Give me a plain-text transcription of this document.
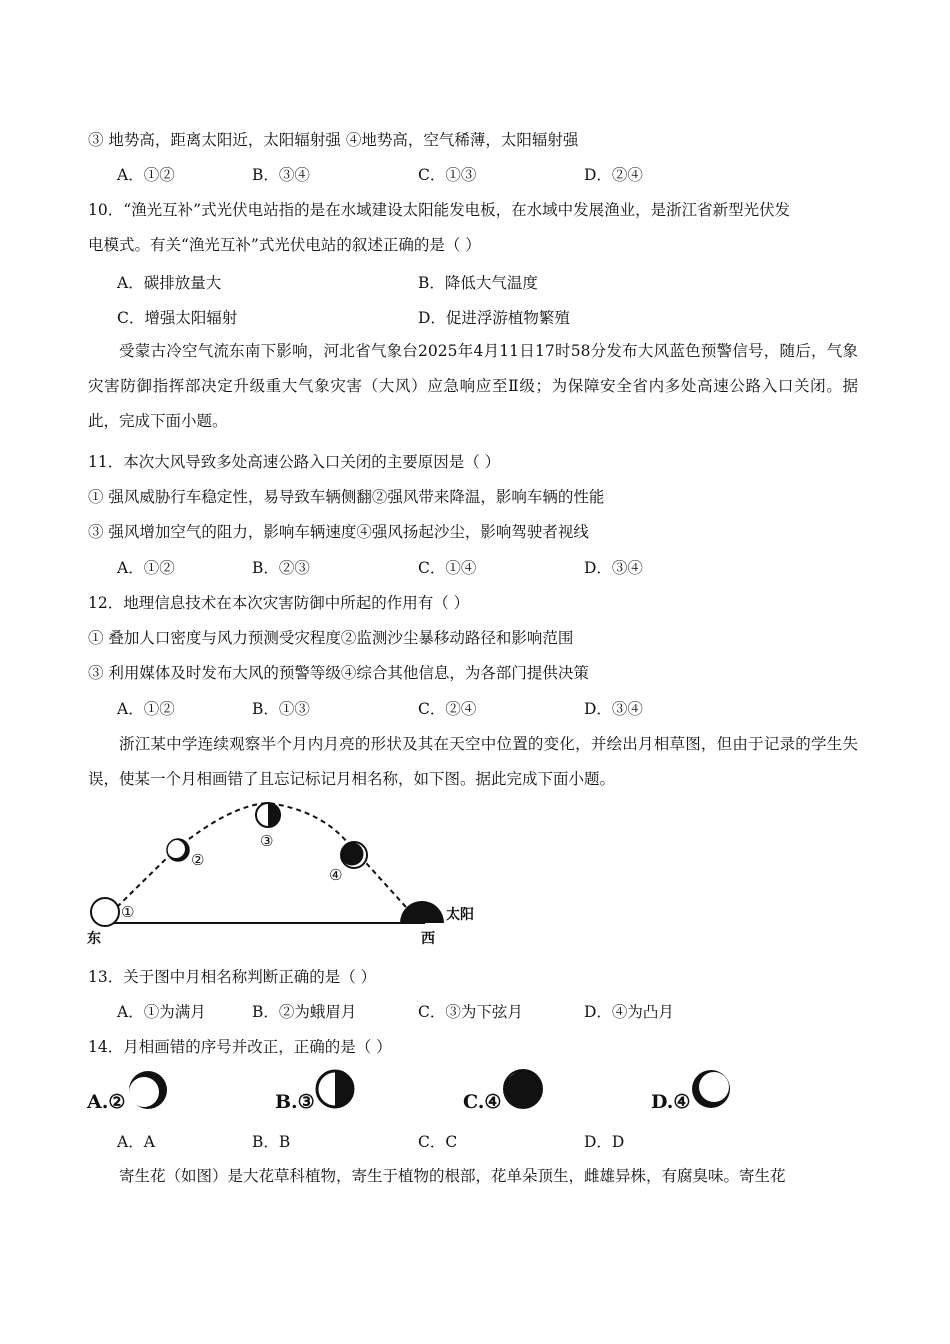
③ 地势高，距离太阳近，太阳辐射强 ④地势高，空气稀薄，太阳辐射强
A．①②	B．③④	C．①③	D．②④
10．“渔光互补”式光伏电站指的是在水域建设太阳能发电板，在水域中发展渔业，是浙江省新型光伏发
电模式。有关“渔光互补”式光伏电站的叙述正确的是（ ）
A．碳排放量大	B．降低大气温度
C．增强太阳辐射	D．促进浮游植物繁殖
受蒙古冷空气流东南下影响，河北省气象台2025年4月11日17时58分发布大风蓝色预警信号，随后，气象灾害防御指挥部决定升级重大气象灾害（大风）应急响应至Ⅱ级；为保障安全省内多处高速公路入口关闭。据此，完成下面小题。
11．本次大风导致多处高速公路入口关闭的主要原因是（ ）
① 强风威胁行车稳定性，易导致车辆侧翻②强风带来降温，影响车辆的性能
③ 强风增加空气的阻力，影响车辆速度④强风扬起沙尘，影响驾驶者视线
A．①②	B．②③	C．①④	D．③④
12．地理信息技术在本次灾害防御中所起的作用有（ ）
① 叠加人口密度与风力预测受灾程度②监测沙尘暴移动路径和影响范围
③ 利用媒体及时发布大风的预警等级④综合其他信息，为各部门提供决策
A．①②	B．①③	C．②④	D．③④
浙江某中学连续观察半个月内月亮的形状及其在天空中位置的变化，并绘出月相草图，但由于记录的学生失误，使某一个月相画错了且忘记标记月相名称，如下图。据此完成下面小题。
①
②
③
④
太阳
东	西
13．关于图中月相名称判断正确的是（ ）
A．①为满月	B．②为蛾眉月	C．③为下弦月	D．④为凸月
14．月相画错的序号并改正，正确的是（ ）
A.②	B.③	C.④	D.④
A．A	B．B	C．C	D．D
寄生花（如图）是大花草科植物，寄生于植物的根部，花单朵顶生，雌雄异株，有腐臭味。寄生花
